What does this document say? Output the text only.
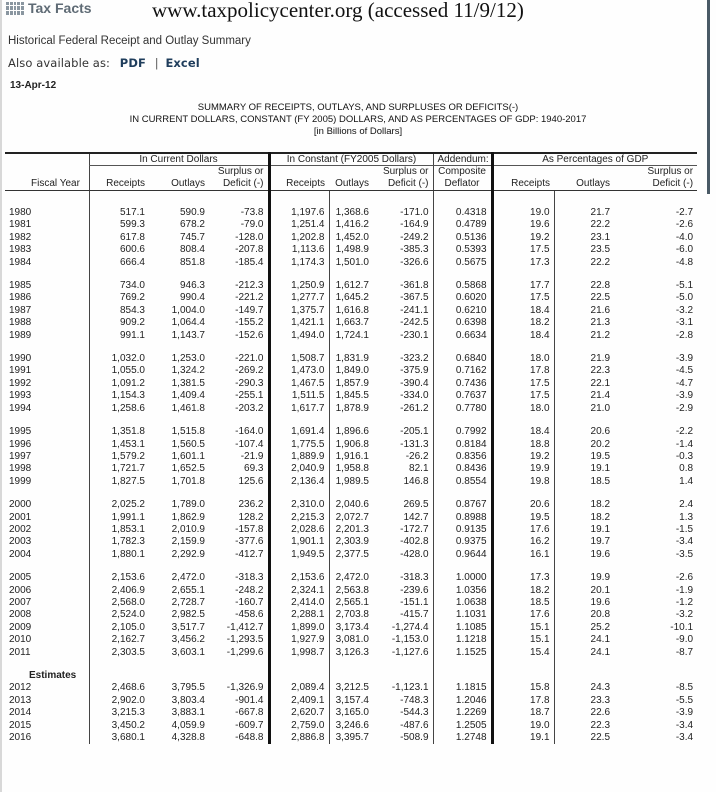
Tax Facts	www.taxpolicycenter.org (accessed 11/9/12)
Historical Federal Receipt and Outlay Summary
Also available as: PDF | Excel
13-Apr-12
SUMMARY OF RECEIPTS, OUTLAYS, AND SURPLUSES OR DEFICITS(-)
IN CURRENT DOLLARS, CONSTANT (FY 2005) DOLLARS, AND AS PERCENTAGES OF GDP: 1940-2017
[in Billions of Dollars]
	In Current Dollars			In Constant (FY2005 Dollars)			Addendum:	As Percentages of GDP		
			Surplus or			Surplus or	Composite			Surplus or
Fiscal Year	Receipts	Outlays	Deficit (-)	Receipts	Outlays	Deficit (-)	Deflator	Receipts	Outlays	Deficit (-)

1980	517.1	590.9	-73.8	1,197.6	1,368.6	-171.0	0.4318	19.0	21.7	-2.7
1981	599.3	678.2	-79.0	1,251.4	1,416.2	-164.9	0.4789	19.6	22.2	-2.6
1982	617.8	745.7	-128.0	1,202.8	1,452.0	-249.2	0.5136	19.2	23.1	-4.0
1983	600.6	808.4	-207.8	1,113.6	1,498.9	-385.3	0.5393	17.5	23.5	-6.0
1984	666.4	851.8	-185.4	1,174.3	1,501.0	-326.6	0.5675	17.3	22.2	-4.8

1985	734.0	946.3	-212.3	1,250.9	1,612.7	-361.8	0.5868	17.7	22.8	-5.1
1986	769.2	990.4	-221.2	1,277.7	1,645.2	-367.5	0.6020	17.5	22.5	-5.0
1987	854.3	1,004.0	-149.7	1,375.7	1,616.8	-241.1	0.6210	18.4	21.6	-3.2
1988	909.2	1,064.4	-155.2	1,421.1	1,663.7	-242.5	0.6398	18.2	21.3	-3.1
1989	991.1	1,143.7	-152.6	1,494.0	1,724.1	-230.1	0.6634	18.4	21.2	-2.8

1990	1,032.0	1,253.0	-221.0	1,508.7	1,831.9	-323.2	0.6840	18.0	21.9	-3.9
1991	1,055.0	1,324.2	-269.2	1,473.0	1,849.0	-375.9	0.7162	17.8	22.3	-4.5
1992	1,091.2	1,381.5	-290.3	1,467.5	1,857.9	-390.4	0.7436	17.5	22.1	-4.7
1993	1,154.3	1,409.4	-255.1	1,511.5	1,845.5	-334.0	0.7637	17.5	21.4	-3.9
1994	1,258.6	1,461.8	-203.2	1,617.7	1,878.9	-261.2	0.7780	18.0	21.0	-2.9

1995	1,351.8	1,515.8	-164.0	1,691.4	1,896.6	-205.1	0.7992	18.4	20.6	-2.2
1996	1,453.1	1,560.5	-107.4	1,775.5	1,906.8	-131.3	0.8184	18.8	20.2	-1.4
1997	1,579.2	1,601.1	-21.9	1,889.9	1,916.1	-26.2	0.8356	19.2	19.5	-0.3
1998	1,721.7	1,652.5	69.3	2,040.9	1,958.8	82.1	0.8436	19.9	19.1	0.8
1999	1,827.5	1,701.8	125.6	2,136.4	1,989.5	146.8	0.8554	19.8	18.5	1.4

2000	2,025.2	1,789.0	236.2	2,310.0	2,040.6	269.5	0.8767	20.6	18.2	2.4
2001	1,991.1	1,862.9	128.2	2,215.3	2,072.7	142.7	0.8988	19.5	18.2	1.3
2002	1,853.1	2,010.9	-157.8	2,028.6	2,201.3	-172.7	0.9135	17.6	19.1	-1.5
2003	1,782.3	2,159.9	-377.6	1,901.1	2,303.9	-402.8	0.9375	16.2	19.7	-3.4
2004	1,880.1	2,292.9	-412.7	1,949.5	2,377.5	-428.0	0.9644	16.1	19.6	-3.5

2005	2,153.6	2,472.0	-318.3	2,153.6	2,472.0	-318.3	1.0000	17.3	19.9	-2.6
2006	2,406.9	2,655.1	-248.2	2,324.1	2,563.8	-239.6	1.0356	18.2	20.1	-1.9
2007	2,568.0	2,728.7	-160.7	2,414.0	2,565.1	-151.1	1.0638	18.5	19.6	-1.2
2008	2,524.0	2,982.5	-458.6	2,288.1	2,703.8	-415.7	1.1031	17.6	20.8	-3.2
2009	2,105.0	3,517.7	-1,412.7	1,899.0	3,173.4	-1,274.4	1.1085	15.1	25.2	-10.1
2010	2,162.7	3,456.2	-1,293.5	1,927.9	3,081.0	-1,153.0	1.1218	15.1	24.1	-9.0
2011	2,303.5	3,603.1	-1,299.6	1,998.7	3,126.3	-1,127.6	1.1525	15.4	24.1	-8.7

Estimates										
2012	2,468.6	3,795.5	-1,326.9	2,089.4	3,212.5	-1,123.1	1.1815	15.8	24.3	-8.5
2013	2,902.0	3,803.4	-901.4	2,409.1	3,157.4	-748.3	1.2046	17.8	23.3	-5.5
2014	3,215.3	3,883.1	-667.8	2,620.7	3,165.0	-544.3	1.2269	18.7	22.6	-3.9
2015	3,450.2	4,059.9	-609.7	2,759.0	3,246.6	-487.6	1.2505	19.0	22.3	-3.4
2016	3,680.1	4,328.8	-648.8	2,886.8	3,395.7	-508.9	1.2748	19.1	22.5	-3.4
